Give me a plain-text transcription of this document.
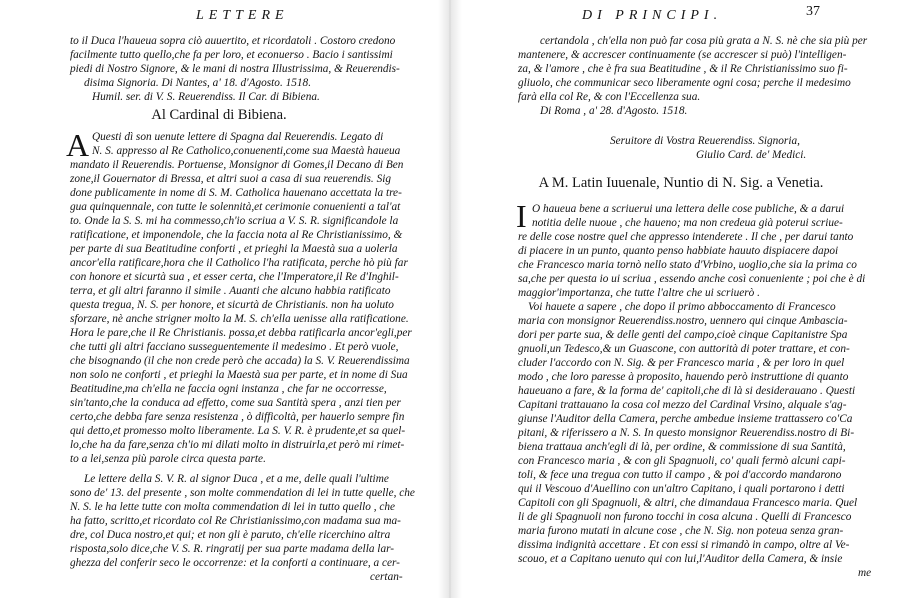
LETTERE
to il Duca l'haueua sopra ciò auuertito, et ricordatoli . Costoro credono
facilmente tutto quello,che fa per loro, et econuerso . Bacio i santissimi
piedi di Nostro Signore, & le mani di nostra Illustrissima, & Reuerendis-
disima Signoria. Di Nantes, a' 18. d'Agosto. 1518.
Humil. ser. di V. S. Reuerendiss. Il Car. di Bibiena.
Al Cardinal di Bibiena.
A Questi dì son uenute lettere di Spagna dal Reuerendis. Legato di
N. S. appresso al Re Catholico,conuenenti,come sua Maestà haueua
mandato il Reuerendis. Portuense, Monsignor di Gomes,il Decano di Ben
zone,il Gouernator di Bressa, et altri suoi a casa di sua reuerendis. Sig
done publicamente in nome di S. M. Catholica hauenano accettata la tre-
gua quinquennale, con tutte le solennità,et cerimonie conuenienti a tal'at
to. Onde la S. S. mi ha commesso,ch'io scriua a V. S. R. significandole la
ratificatione, et imponendole, che la faccia nota al Re Christianissimo, &
per parte di sua Beatitudine conforti , et prieghi la Maestà sua a uolerla
ancor'ella ratificare,hora che il Catholico l'ha ratificata, perche hò più far
con honore et sicurtà sua , et esser certa, che l'Imperatore,il Re d'Inghil-
terra, et gli altri faranno il simile . Auanti che alcuno habbia ratificato
questa tregua, N. S. per honore, et sicurtà de Christianis. non ha uoluto
sforzare, nè anche strigner molto la M. S. ch'ella uenisse alla ratificatione.
Hora le pare,che il Re Christianis. possa,et debba ratificarla ancor'egli,per
che tutti gli altri facciano susseguentemente il medesimo . Et però vuole,
che bisognando (il che non crede però che accada) la S. V. Reuerendissima
non solo ne conforti , et prieghi la Maestà sua per parte, et in nome di Sua
Beatitudine,ma ch'ella ne faccia ogni instanza , che far ne occorresse,
sin'tanto,che la conduca ad effetto, come sua Santità spera , anzi tien per
certo,che debba fare senza resistenza , ò difficoltà, per hauerlo sempre fin
qui detto,et promesso molto liberamente. La S. V. R. è prudente,et sa quel-
lo,che ha da fare,senza ch'io mi dilati molto in distruirla,et però mi rimet-
to a lei,senza più parole circa questa parte.
Le lettere della S. V. R. al signor Duca , et a me, delle quali l'ultime
sono de' 13. del presente , son molte commendation di lei in tutte quelle, che
N. S. le ha lette tutte con molta commendation di lei in tutto quello , che
ha fatto, scritto,et ricordato col Re Christianissimo,con madama sua ma-
dre, col Duca nostro,et qui; et non gli è paruto, ch'elle ricerchino altra
risposta,solo dice,che V. S. R. ringratij per sua parte madama della lar-
ghezza del conferir seco le occorrenze: et la conforti a continuare, a cer-
certan-
DI PRINCIPI.	37
certandola , ch'ella non può far cosa più grata a N. S. nè che sia più per
mantenere, & accrescer continuamente (se accrescer si può) l'intelligen-
za, & l'amore , che è fra sua Beatitudine , & il Re Christianissimo suo fi-
gliuolo, che communicar seco liberamente ogni cosa; perche il medesimo
farà ella col Re, & con l'Eccellenza sua.
Di Roma , a' 28. d'Agosto. 1518.
Seruitore di Vostra Reuerendiss. Signoria,
Giulio Card. de' Medici.
A M. Latin Iuuenale, Nuntio di N. Sig. a Venetia.
I O haueua bene a scriuerui una lettera delle cose publiche, & a darui
notitia delle nuoue , che haueno; ma non credeua già poterui scriue-
re delle cose nostre quel che appresso intenderete . Il che , per darui tanto
di piacere in un punto, quanto penso habbiate hauuto dispiacere dapoi
che Francesco maria tornò nello stato d'Vrbino, uoglio,che sia la prima co
sa,che per questa io ui scriua , essendo anche così conueniente ; poi che è di
maggior'importanza, che tutte l'altre che ui scriuerò .
Voi hauete a sapere , che dopo il primo abboccamento di Francesco
maria con monsignor Reuerendiss.nostro, uennero qui cinque Ambascia-
dori per parte sua, & delle genti del campo,cioè cinque Capitanistre Spa
gnuoli,un Tedesco,& un Guascone, con auttorità di poter trattare, et con-
cluder l'accordo con N. Sig. & per Francesco maria , & per loro in quel
modo , che loro paresse à proposito, hauendo però instruttione di quanto
haueuano a fare, & la forma de' capitoli,che di là si desiderauano . Questi
Capitani trattauano la cosa col mezzo del Cardinal Vrsino, alquale s'ag-
giunse l'Auditor della Camera, perche ambedue insieme trattassero co'Ca
pitani, & riferissero a N. S. In questo monsignor Reuerendiss.nostro di Bi-
biena trattaua anch'egli di là, per ordine, & commissione di sua Santità,
con Francesco maria , & con gli Spagnuoli, co' quali fermò alcuni capi-
toli, & fece una tregua con tutto il campo , & poi d'accordo mandarono
qui il Vescouo d'Auellino con un'altro Capitano, i quali portarono i detti
Capitoli con gli Spagnuoli, & altri, che dimandaua Francesco maria. Quel
li de gli Spagnuoli non furono tocchi in cosa alcuna . Quelli di Francesco
maria furono mutati in alcune cose , che N. Sig. non poteua senza gran-
dissima indignità accettare . Et con essi si rimandò in campo, oltre al Ve-
scouo, et a Capitano uenuto qui con lui,l'Auditor della Camera, & insie
me
